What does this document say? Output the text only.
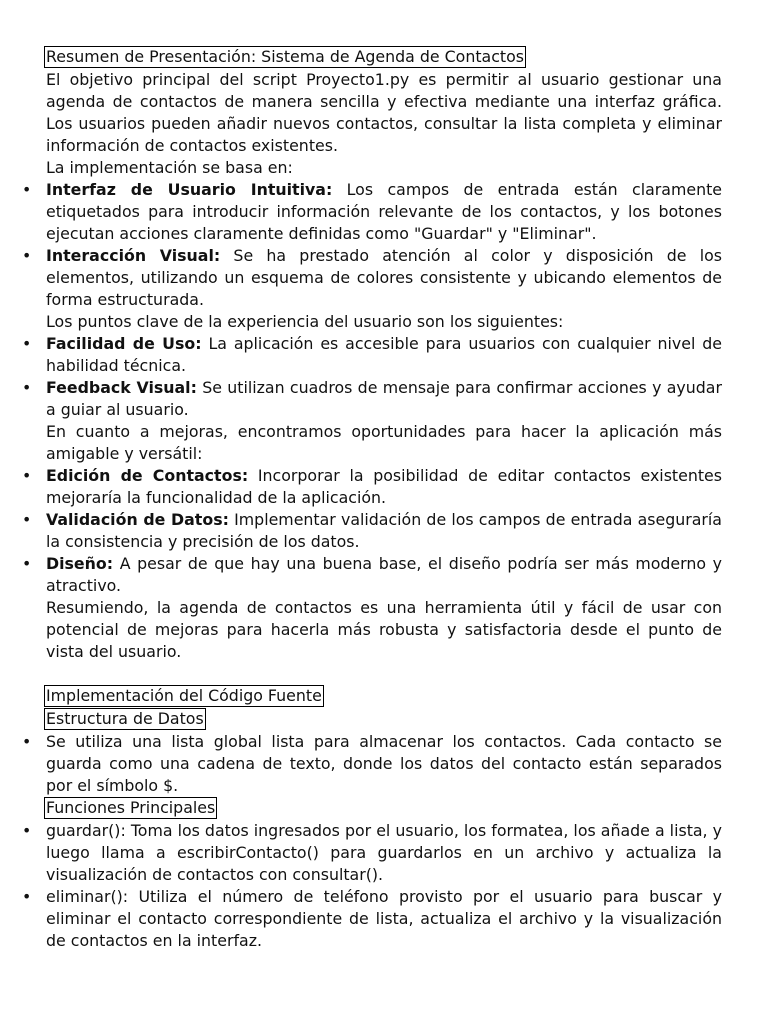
Resumen de Presentación: Sistema de Agenda de Contactos

El objetivo principal del script Proyecto1.py es permitir al usuario gestionar una agenda de contactos de manera sencilla y efectiva mediante una interfaz gráfica. Los usuarios pueden añadir nuevos contactos, consultar la lista completa y eliminar información de contactos existentes.

La implementación se basa en:

• Interfaz de Usuario Intuitiva: Los campos de entrada están claramente etiquetados para introducir información relevante de los contactos, y los botones ejecutan acciones claramente definidas como "Guardar" y "Eliminar".
• Interacción Visual: Se ha prestado atención al color y disposición de los elementos, utilizando un esquema de colores consistente y ubicando elementos de forma estructurada.

Los puntos clave de la experiencia del usuario son los siguientes:

• Facilidad de Uso: La aplicación es accesible para usuarios con cualquier nivel de habilidad técnica.
• Feedback Visual: Se utilizan cuadros de mensaje para confirmar acciones y ayudar a guiar al usuario.

En cuanto a mejoras, encontramos oportunidades para hacer la aplicación más amigable y versátil:

• Edición de Contactos: Incorporar la posibilidad de editar contactos existentes mejoraría la funcionalidad de la aplicación.
• Validación de Datos: Implementar validación de los campos de entrada aseguraría la consistencia y precisión de los datos.
• Diseño: A pesar de que hay una buena base, el diseño podría ser más moderno y atractivo.

Resumiendo, la agenda de contactos es una herramienta útil y fácil de usar con potencial de mejoras para hacerla más robusta y satisfactoria desde el punto de vista del usuario.

Implementación del Código Fuente
Estructura de Datos
• Se utiliza una lista global lista para almacenar los contactos. Cada contacto se guarda como una cadena de texto, donde los datos del contacto están separados por el símbolo $.
Funciones Principales
• guardar(): Toma los datos ingresados por el usuario, los formatea, los añade a lista, y luego llama a escribirContacto() para guardarlos en un archivo y actualiza la visualización de contactos con consultar().
• eliminar(): Utiliza el número de teléfono provisto por el usuario para buscar y eliminar el contacto correspondiente de lista, actualiza el archivo y la visualización de contactos en la interfaz.
